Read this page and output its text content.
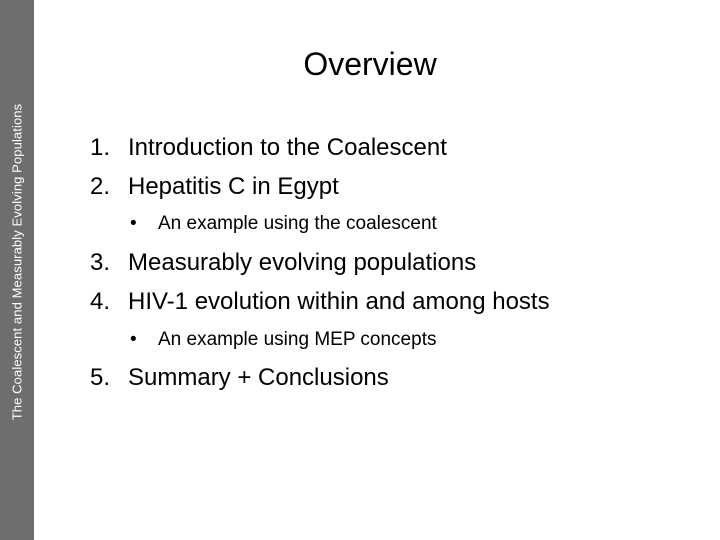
The Coalescent and Measurably Evolving Populations
Overview
1. Introduction to the Coalescent
2. Hepatitis C in Egypt
• An example using the coalescent
3. Measurably evolving populations
4. HIV-1 evolution within and among hosts
• An example using MEP concepts
5. Summary + Conclusions
